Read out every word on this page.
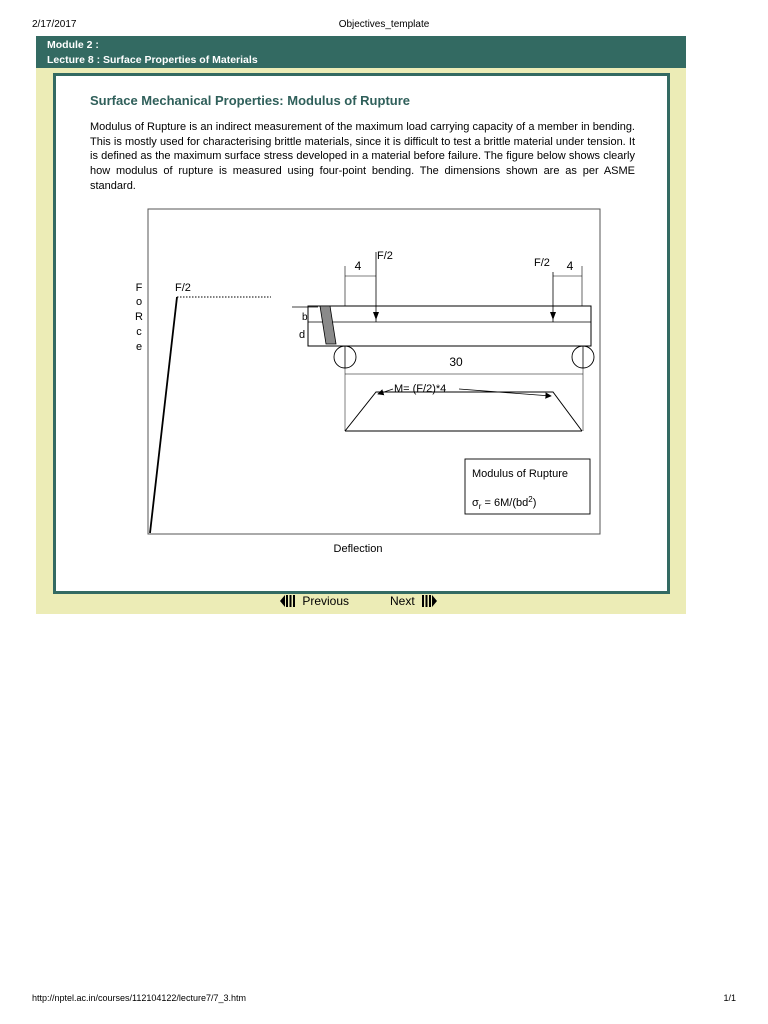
2/17/2017	Objectives_template
Module 2 :
Lecture 8 : Surface Properties of Materials
Surface Mechanical Properties: Modulus of Rupture

Modulus of Rupture is an indirect measurement of the maximum load carrying capacity of a member in bending. This is mostly used for characterising brittle materials, since it is difficult to test a brittle material under tension. It is defined as the maximum surface stress developed in a material before failure. The figure below shows clearly how modulus of rupture is measured using four-point bending. The dimensions shown are as per ASME standard.

F
o
R
c
e
F/2
Deflection
b
d
F/2
F/2
4	4
30
M= (F/2)*4
Modulus of Rupture
$\sigma_r = 6M/(bd^2)$
Previous	Next
http://nptel.ac.in/courses/112104122/lecture7/7_3.htm	1/1
